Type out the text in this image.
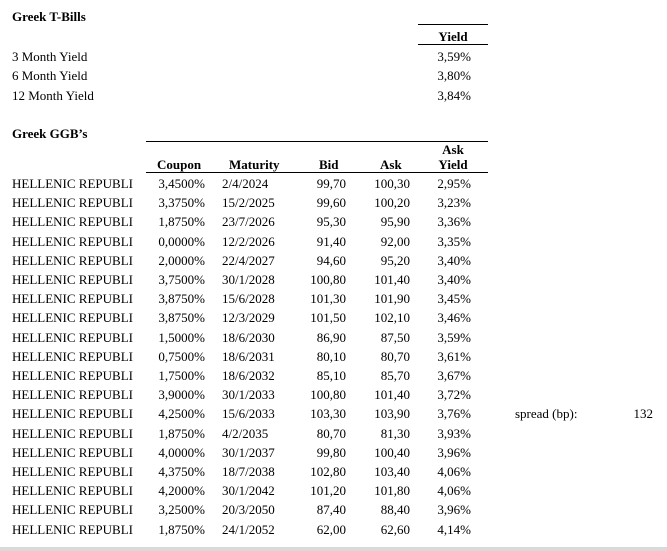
Greek T-Bills
Yield
3 Month Yield	3,59%
6 Month Yield	3,80%
12 Month Yield	3,84%
Greek GGB’s
Ask
Coupon Maturity	Bid	Ask	Yield
HELLENIC REPUBLI	3,4500% 2/4/2024	99,70	100,30	2,95%
HELLENIC REPUBLI	3,3750% 15/2/2025	99,60	100,20	3,23%
HELLENIC REPUBLI	1,8750% 23/7/2026	95,30	95,90	3,36%
HELLENIC REPUBLI	0,0000% 12/2/2026	91,40	92,00	3,35%
HELLENIC REPUBLI	2,0000% 22/4/2027	94,60	95,20	3,40%
HELLENIC REPUBLI	3,7500% 30/1/2028	100,80	101,40	3,40%
HELLENIC REPUBLI	3,8750% 15/6/2028	101,30	101,90	3,45%
HELLENIC REPUBLI	3,8750% 12/3/2029	101,50	102,10	3,46%
HELLENIC REPUBLI	1,5000% 18/6/2030	86,90	87,50	3,59%
HELLENIC REPUBLI	0,7500% 18/6/2031	80,10	80,70	3,61%
HELLENIC REPUBLI	1,7500% 18/6/2032	85,10	85,70	3,67%
HELLENIC REPUBLI	3,9000% 30/1/2033	100,80	101,40	3,72%
HELLENIC REPUBLI	4,2500% 15/6/2033	103,30	103,90	3,76%
HELLENIC REPUBLI	1,8750% 4/2/2035	80,70	81,30	3,93%
HELLENIC REPUBLI	4,0000% 30/1/2037	99,80	100,40	3,96%
HELLENIC REPUBLI	4,3750% 18/7/2038	102,80	103,40	4,06%
HELLENIC REPUBLI	4,2000% 30/1/2042	101,20	101,80	4,06%
HELLENIC REPUBLI	3,2500% 20/3/2050	87,40	88,40	3,96%
HELLENIC REPUBLI	1,8750% 24/1/2052	62,00	62,60	4,14%
spread (bp):	132
